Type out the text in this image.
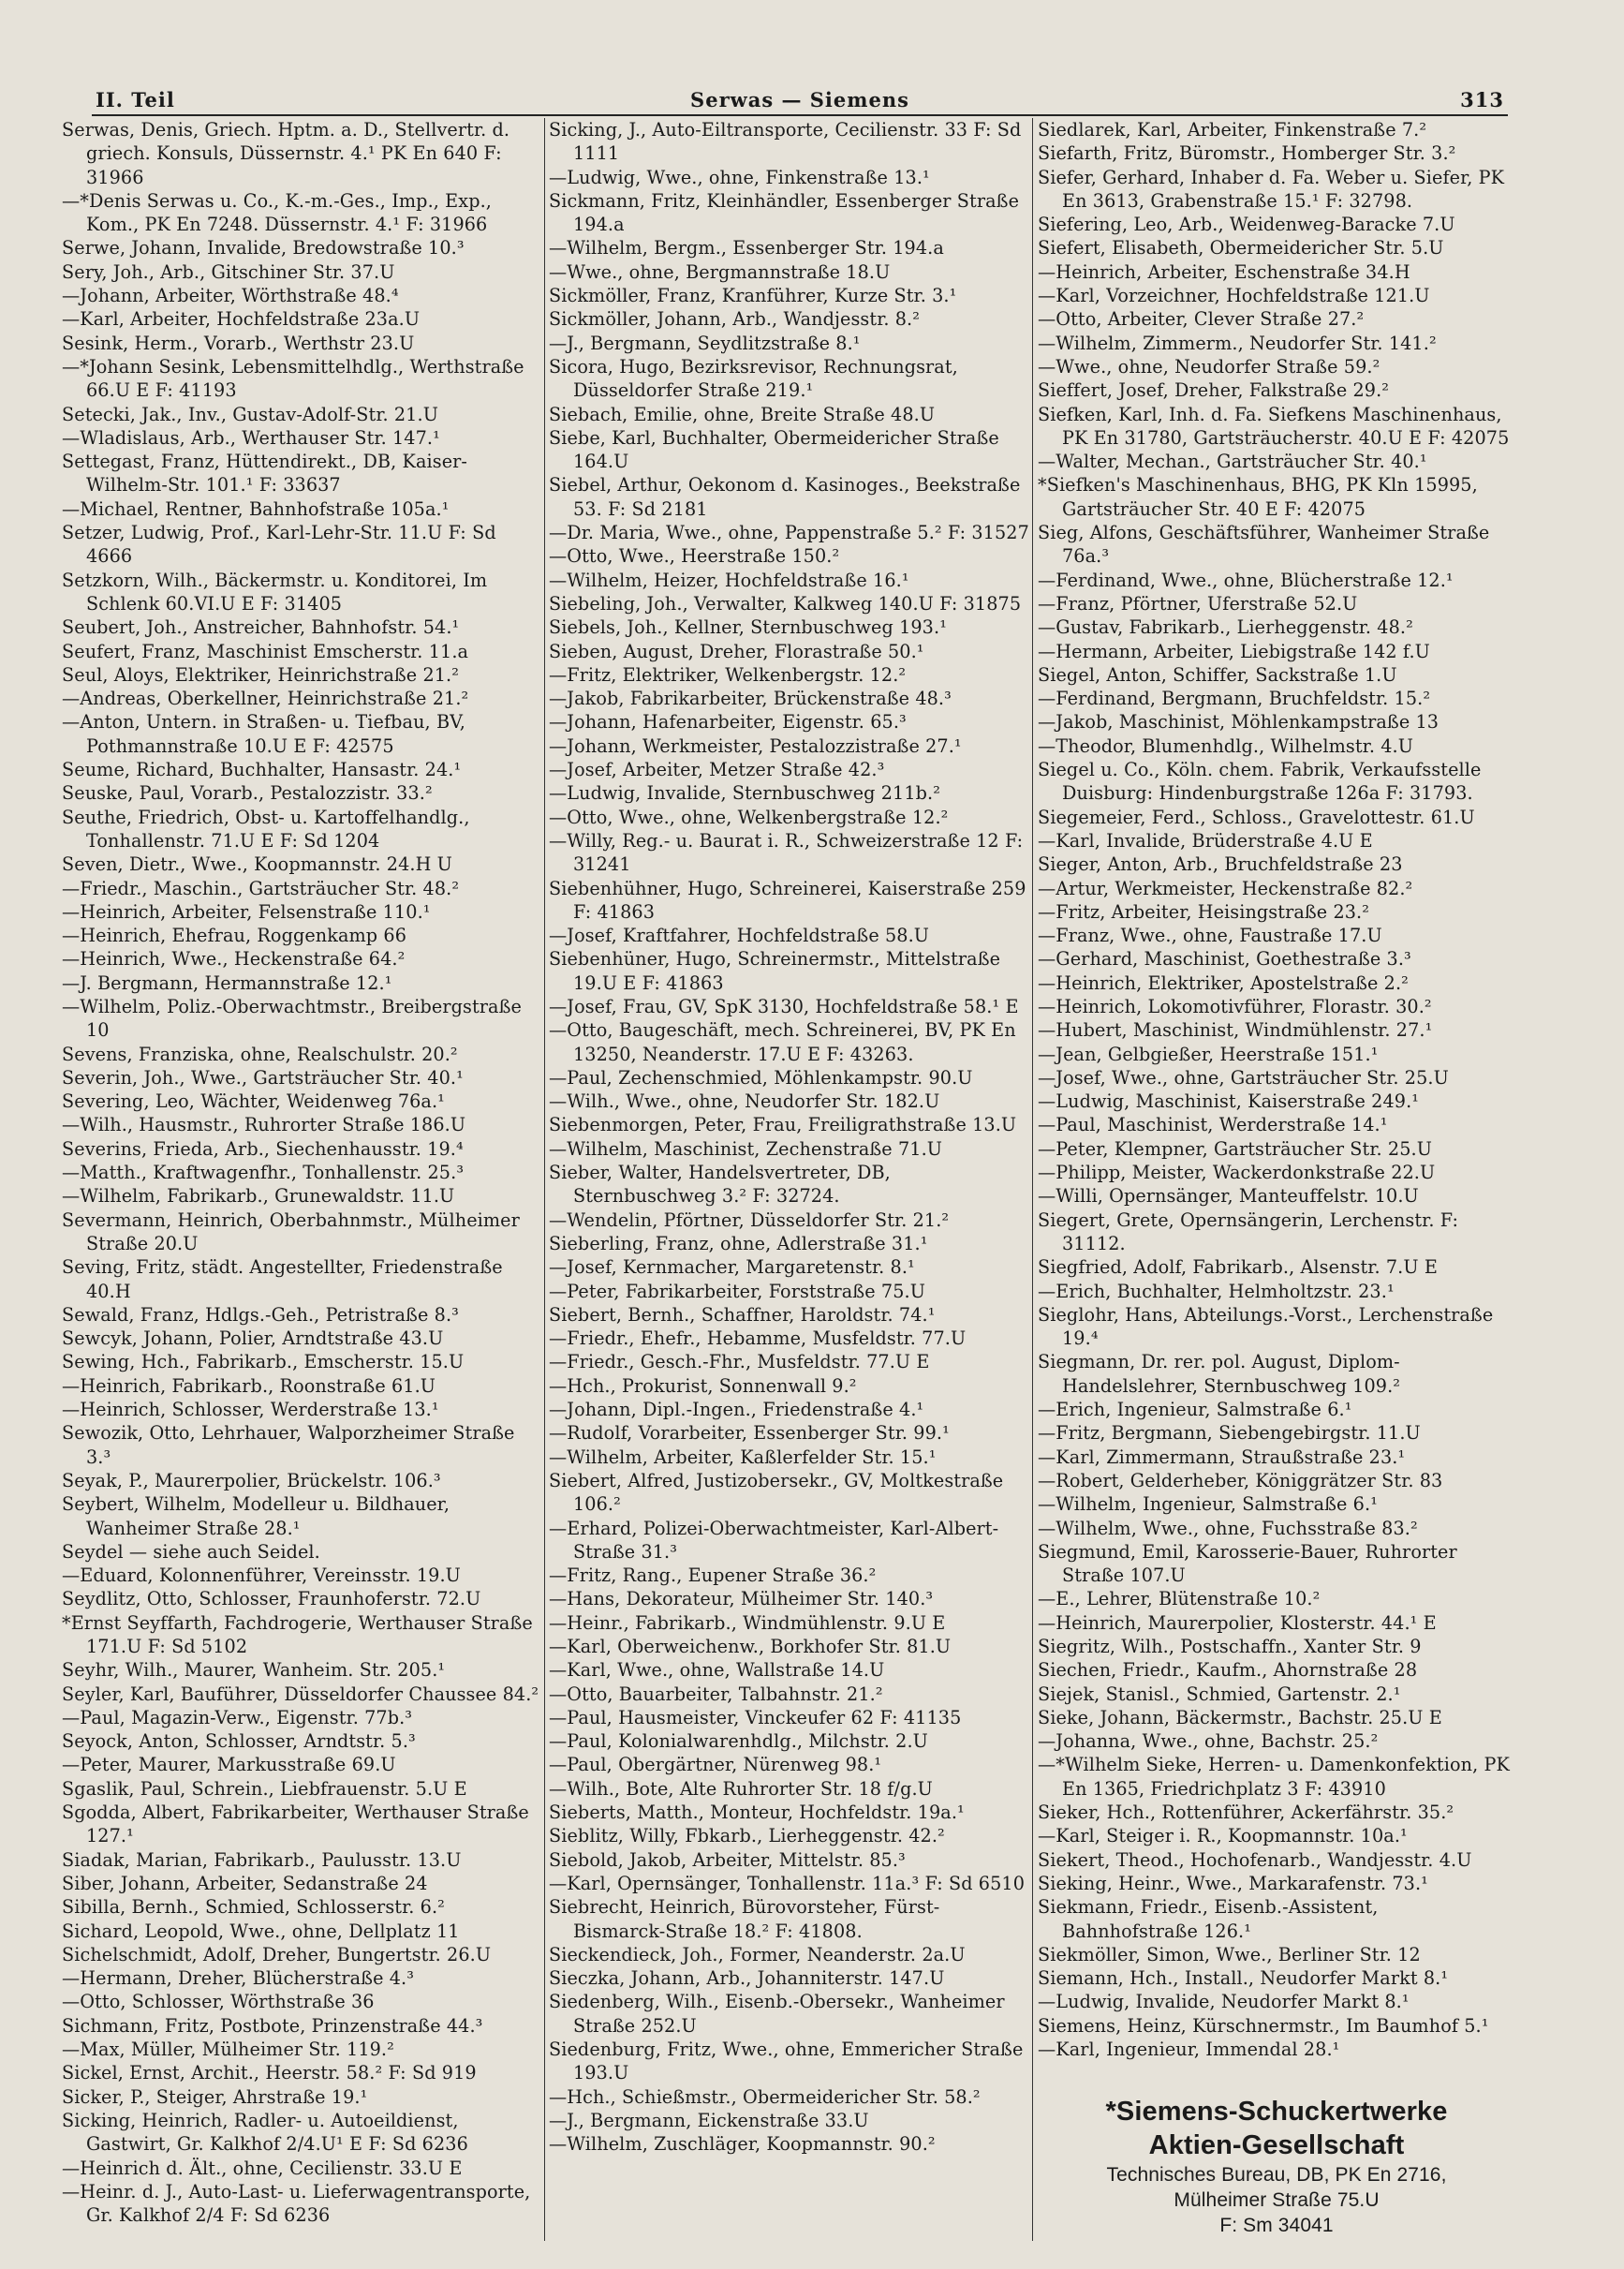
II. Teil	Serwas — Siemens	313
Serwas, Denis, Griech. Hptm. a. D., Stellvertr. d. griech. Konsuls, Düssernstr. 4.¹ PK En 640 F: 31966
—*Denis Serwas u. Co., K.-m.-Ges., Imp., Exp., Kom., PK En 7248. Düssernstr. 4.¹ F: 31966
Serwe, Johann, Invalide, Bredowstraße 10.³
Sery, Joh., Arb., Gitschiner Str. 37.U
—Johann, Arbeiter, Wörthstraße 48.⁴
—Karl, Arbeiter, Hochfeldstraße 23a.U
Sesink, Herm., Vorarb., Werthstr 23.U
—*Johann Sesink, Lebensmittelhdlg., Werthstraße 66.U E F: 41193
Setecki, Jak., Inv., Gustav-Adolf-Str. 21.U
—Wladislaus, Arb., Werthauser Str. 147.¹
Settegast, Franz, Hüttendirekt., DB, Kaiser-Wilhelm-Str. 101.¹ F: 33637
—Michael, Rentner, Bahnhofstraße 105a.¹
Setzer, Ludwig, Prof., Karl-Lehr-Str. 11.U F: Sd 4666
Setzkorn, Wilh., Bäckermstr. u. Konditorei, Im Schlenk 60.VI.U E F: 31405
Seubert, Joh., Anstreicher, Bahnhofstr. 54.¹
Seufert, Franz, Maschinist Emscherstr. 11.a
Seul, Aloys, Elektriker, Heinrichstraße 21.²
—Andreas, Oberkellner, Heinrichstraße 21.²
—Anton, Untern. in Straßen- u. Tiefbau, BV, Pothmannstraße 10.U E F: 42575
Seume, Richard, Buchhalter, Hansastr. 24.¹
Seuske, Paul, Vorarb., Pestalozzistr. 33.²
Seuthe, Friedrich, Obst- u. Kartoffelhandlg., Tonhallenstr. 71.U E F: Sd 1204
Seven, Dietr., Wwe., Koopmannstr. 24.H U
—Friedr., Maschin., Gartsträucher Str. 48.²
—Heinrich, Arbeiter, Felsenstraße 110.¹
—Heinrich, Ehefrau, Roggenkamp 66
—Heinrich, Wwe., Heckenstraße 64.²
—J. Bergmann, Hermannstraße 12.¹
—Wilhelm, Poliz.-Oberwachtmstr., Breibergstraße 10
Sevens, Franziska, ohne, Realschulstr. 20.²
Severin, Joh., Wwe., Gartsträucher Str. 40.¹
Severing, Leo, Wächter, Weidenweg 76a.¹
—Wilh., Hausmstr., Ruhrorter Straße 186.U
Severins, Frieda, Arb., Siechenhausstr. 19.⁴
—Matth., Kraftwagenfhr., Tonhallenstr. 25.³
—Wilhelm, Fabrikarb., Grunewaldstr. 11.U
Severmann, Heinrich, Oberbahnmstr., Mülheimer Straße 20.U
Seving, Fritz, städt. Angestellter, Friedenstraße 40.H
Sewald, Franz, Hdlgs.-Geh., Petristraße 8.³
Sewcyk, Johann, Polier, Arndtstraße 43.U
Sewing, Hch., Fabrikarb., Emscherstr. 15.U
—Heinrich, Fabrikarb., Roonstraße 61.U
—Heinrich, Schlosser, Werderstraße 13.¹
Sewozik, Otto, Lehrhauer, Walporzheimer Straße 3.³
Seyak, P., Maurerpolier, Brückelstr. 106.³
Seybert, Wilhelm, Modelleur u. Bildhauer, Wanheimer Straße 28.¹
Seydel — siehe auch Seidel.
—Eduard, Kolonnenführer, Vereinsstr. 19.U
Seydlitz, Otto, Schlosser, Fraunhoferstr. 72.U
*Ernst Seyffarth, Fachdrogerie, Werthauser Straße 171.U F: Sd 5102
Seyhr, Wilh., Maurer, Wanheim. Str. 205.¹
Seyler, Karl, Bauführer, Düsseldorfer Chaussee 84.²
—Paul, Magazin-Verw., Eigenstr. 77b.³
Seyock, Anton, Schlosser, Arndtstr. 5.³
—Peter, Maurer, Markusstraße 69.U
Sgaslik, Paul, Schrein., Liebfrauenstr. 5.U E
Sgodda, Albert, Fabrikarbeiter, Werthauser Straße 127.¹
Siadak, Marian, Fabrikarb., Paulusstr. 13.U
Siber, Johann, Arbeiter, Sedanstraße 24
Sibilla, Bernh., Schmied, Schlosserstr. 6.²
Sichard, Leopold, Wwe., ohne, Dellplatz 11
Sichelschmidt, Adolf, Dreher, Bungertstr. 26.U
—Hermann, Dreher, Blücherstraße 4.³
—Otto, Schlosser, Wörthstraße 36
Sichmann, Fritz, Postbote, Prinzenstraße 44.³
—Max, Müller, Mülheimer Str. 119.²
Sickel, Ernst, Archit., Heerstr. 58.² F: Sd 919
Sicker, P., Steiger, Ahrstraße 19.¹
Sicking, Heinrich, Radler- u. Autoeildienst, Gastwirt, Gr. Kalkhof 2/4.U¹ E F: Sd 6236
—Heinrich d. Ält., ohne, Cecilienstr. 33.U E
—Heinr. d. J., Auto-Last- u. Lieferwagentransporte, Gr. Kalkhof 2/4 F: Sd 6236
Sicking, J., Auto-Eiltransporte, Cecilienstr. 33 F: Sd 1111
—Ludwig, Wwe., ohne, Finkenstraße 13.¹
Sickmann, Fritz, Kleinhändler, Essenberger Straße 194.a
—Wilhelm, Bergm., Essenberger Str. 194.a
—Wwe., ohne, Bergmannstraße 18.U
Sickmöller, Franz, Kranführer, Kurze Str. 3.¹
Sickmöller, Johann, Arb., Wandjesstr. 8.²
—J., Bergmann, Seydlitzstraße 8.¹
Sicora, Hugo, Bezirksrevisor, Rechnungsrat, Düsseldorfer Straße 219.¹
Siebach, Emilie, ohne, Breite Straße 48.U
Siebe, Karl, Buchhalter, Obermeidericher Straße 164.U
Siebel, Arthur, Oekonom d. Kasinoges., Beekstraße 53. F: Sd 2181
—Dr. Maria, Wwe., ohne, Pappenstraße 5.² F: 31527
—Otto, Wwe., Heerstraße 150.²
—Wilhelm, Heizer, Hochfeldstraße 16.¹
Siebeling, Joh., Verwalter, Kalkweg 140.U F: 31875
Siebels, Joh., Kellner, Sternbuschweg 193.¹
Sieben, August, Dreher, Florastraße 50.¹
—Fritz, Elektriker, Welkenbergstr. 12.²
—Jakob, Fabrikarbeiter, Brückenstraße 48.³
—Johann, Hafenarbeiter, Eigenstr. 65.³
—Johann, Werkmeister, Pestalozzistraße 27.¹
—Josef, Arbeiter, Metzer Straße 42.³
—Ludwig, Invalide, Sternbuschweg 211b.²
—Otto, Wwe., ohne, Welkenbergstraße 12.²
—Willy, Reg.- u. Baurat i. R., Schweizerstraße 12 F: 31241
Siebenhühner, Hugo, Schreinerei, Kaiserstraße 259 F: 41863
—Josef, Kraftfahrer, Hochfeldstraße 58.U
Siebenhüner, Hugo, Schreinermstr., Mittelstraße 19.U E F: 41863
—Josef, Frau, GV, SpK 3130, Hochfeldstraße 58.¹ E
—Otto, Baugeschäft, mech. Schreinerei, BV, PK En 13250, Neanderstr. 17.U E F: 43263.
—Paul, Zechenschmied, Möhlenkampstr. 90.U
—Wilh., Wwe., ohne, Neudorfer Str. 182.U
Siebenmorgen, Peter, Frau, Freiligrathstraße 13.U
—Wilhelm, Maschinist, Zechenstraße 71.U
Sieber, Walter, Handelsvertreter, DB, Sternbuschweg 3.² F: 32724.
—Wendelin, Pförtner, Düsseldorfer Str. 21.²
Sieberling, Franz, ohne, Adlerstraße 31.¹
—Josef, Kernmacher, Margaretenstr. 8.¹
—Peter, Fabrikarbeiter, Forststraße 75.U
Siebert, Bernh., Schaffner, Haroldstr. 74.¹
—Friedr., Ehefr., Hebamme, Musfeldstr. 77.U
—Friedr., Gesch.-Fhr., Musfeldstr. 77.U E
—Hch., Prokurist, Sonnenwall 9.²
—Johann, Dipl.-Ingen., Friedenstraße 4.¹
—Rudolf, Vorarbeiter, Essenberger Str. 99.¹
—Wilhelm, Arbeiter, Kaßlerfelder Str. 15.¹
Siebert, Alfred, Justizobersekr., GV, Moltkestraße 106.²
—Erhard, Polizei-Oberwachtmeister, Karl-Albert-Straße 31.³
—Fritz, Rang., Eupener Straße 36.²
—Hans, Dekorateur, Mülheimer Str. 140.³
—Heinr., Fabrikarb., Windmühlenstr. 9.U E
—Karl, Oberweichenw., Borkhofer Str. 81.U
—Karl, Wwe., ohne, Wallstraße 14.U
—Otto, Bauarbeiter, Talbahnstr. 21.²
—Paul, Hausmeister, Vinckeufer 62 F: 41135
—Paul, Kolonialwarenhdlg., Milchstr. 2.U
—Paul, Obergärtner, Nürenweg 98.¹
—Wilh., Bote, Alte Ruhrorter Str. 18 f/g.U
Sieberts, Matth., Monteur, Hochfeldstr. 19a.¹
Sieblitz, Willy, Fbkarb., Lierheggenstr. 42.²
Siebold, Jakob, Arbeiter, Mittelstr. 85.³
—Karl, Opernsänger, Tonhallenstr. 11a.³ F: Sd 6510
Siebrecht, Heinrich, Bürovorsteher, Fürst-Bismarck-Straße 18.² F: 41808.
Sieckendieck, Joh., Former, Neanderstr. 2a.U
Sieczka, Johann, Arb., Johanniterstr. 147.U
Siedenberg, Wilh., Eisenb.-Obersekr., Wanheimer Straße 252.U
Siedenburg, Fritz, Wwe., ohne, Emmericher Straße 193.U
—Hch., Schießmstr., Obermeidericher Str. 58.²
—J., Bergmann, Eickenstraße 33.U
—Wilhelm, Zuschläger, Koopmannstr. 90.²
Siedlarek, Karl, Arbeiter, Finkenstraße 7.²
Siefarth, Fritz, Büromstr., Homberger Str. 3.²
Siefer, Gerhard, Inhaber d. Fa. Weber u. Siefer, PK En 3613, Grabenstraße 15.¹ F: 32798.
Siefering, Leo, Arb., Weidenweg-Baracke 7.U
Siefert, Elisabeth, Obermeidericher Str. 5.U
—Heinrich, Arbeiter, Eschenstraße 34.H
—Karl, Vorzeichner, Hochfeldstraße 121.U
—Otto, Arbeiter, Clever Straße 27.²
—Wilhelm, Zimmerm., Neudorfer Str. 141.²
—Wwe., ohne, Neudorfer Straße 59.²
Sieffert, Josef, Dreher, Falkstraße 29.²
Siefken, Karl, Inh. d. Fa. Siefkens Maschinenhaus, PK En 31780, Gartsträucherstr. 40.U E F: 42075
—Walter, Mechan., Gartsträucher Str. 40.¹
*Siefken's Maschinenhaus, BHG, PK Kln 15995, Gartsträucher Str. 40 E F: 42075
Sieg, Alfons, Geschäftsführer, Wanheimer Straße 76a.³
—Ferdinand, Wwe., ohne, Blücherstraße 12.¹
—Franz, Pförtner, Uferstraße 52.U
—Gustav, Fabrikarb., Lierheggenstr. 48.²
—Hermann, Arbeiter, Liebigstraße 142 f.U
Siegel, Anton, Schiffer, Sackstraße 1.U
—Ferdinand, Bergmann, Bruchfeldstr. 15.²
—Jakob, Maschinist, Möhlenkampstraße 13
—Theodor, Blumenhdlg., Wilhelmstr. 4.U
Siegel u. Co., Köln. chem. Fabrik, Verkaufsstelle Duisburg: Hindenburgstraße 126a F: 31793.
Siegemeier, Ferd., Schloss., Gravelottestr. 61.U
—Karl, Invalide, Brüderstraße 4.U E
Sieger, Anton, Arb., Bruchfeldstraße 23
—Artur, Werkmeister, Heckenstraße 82.²
—Fritz, Arbeiter, Heisingstraße 23.²
—Franz, Wwe., ohne, Faustraße 17.U
—Gerhard, Maschinist, Goethestraße 3.³
—Heinrich, Elektriker, Apostelstraße 2.²
—Heinrich, Lokomotivführer, Florastr. 30.²
—Hubert, Maschinist, Windmühlenstr. 27.¹
—Jean, Gelbgießer, Heerstraße 151.¹
—Josef, Wwe., ohne, Gartsträucher Str. 25.U
—Ludwig, Maschinist, Kaiserstraße 249.¹
—Paul, Maschinist, Werderstraße 14.¹
—Peter, Klempner, Gartsträucher Str. 25.U
—Philipp, Meister, Wackerdonkstraße 22.U
—Willi, Opernsänger, Manteuffelstr. 10.U
Siegert, Grete, Opernsängerin, Lerchenstr. F: 31112.
Siegfried, Adolf, Fabrikarb., Alsenstr. 7.U E
—Erich, Buchhalter, Helmholtzstr. 23.¹
Sieglohr, Hans, Abteilungs.-Vorst., Lerchenstraße 19.⁴
Siegmann, Dr. rer. pol. August, Diplom-Handelslehrer, Sternbuschweg 109.²
—Erich, Ingenieur, Salmstraße 6.¹
—Fritz, Bergmann, Siebengebirgstr. 11.U
—Karl, Zimmermann, Straußstraße 23.¹
—Robert, Gelderheber, Königgrätzer Str. 83
—Wilhelm, Ingenieur, Salmstraße 6.¹
—Wilhelm, Wwe., ohne, Fuchsstraße 83.²
Siegmund, Emil, Karosserie-Bauer, Ruhrorter Straße 107.U
—E., Lehrer, Blütenstraße 10.²
—Heinrich, Maurerpolier, Klosterstr. 44.¹ E
Siegritz, Wilh., Postschaffn., Xanter Str. 9
Siechen, Friedr., Kaufm., Ahornstraße 28
Siejek, Stanisl., Schmied, Gartenstr. 2.¹
Sieke, Johann, Bäckermstr., Bachstr. 25.U E
—Johanna, Wwe., ohne, Bachstr. 25.²
—*Wilhelm Sieke, Herren- u. Damenkonfektion, PK En 1365, Friedrichplatz 3 F: 43910
Sieker, Hch., Rottenführer, Ackerfährstr. 35.²
—Karl, Steiger i. R., Koopmannstr. 10a.¹
Siekert, Theod., Hochofenarb., Wandjesstr. 4.U
Sieking, Heinr., Wwe., Markarafenstr. 73.¹
Siekmann, Friedr., Eisenb.-Assistent, Bahnhofstraße 126.¹
Siekmöller, Simon, Wwe., Berliner Str. 12
Siemann, Hch., Install., Neudorfer Markt 8.¹
—Ludwig, Invalide, Neudorfer Markt 8.¹
Siemens, Heinz, Kürschnermstr., Im Baumhof 5.¹
—Karl, Ingenieur, Immendal 28.¹
*Siemens-Schuckertwerke
Aktien-Gesellschaft
Technisches Bureau, DB, PK En 2716,
Mülheimer Straße 75.U
F: Sm 34041
